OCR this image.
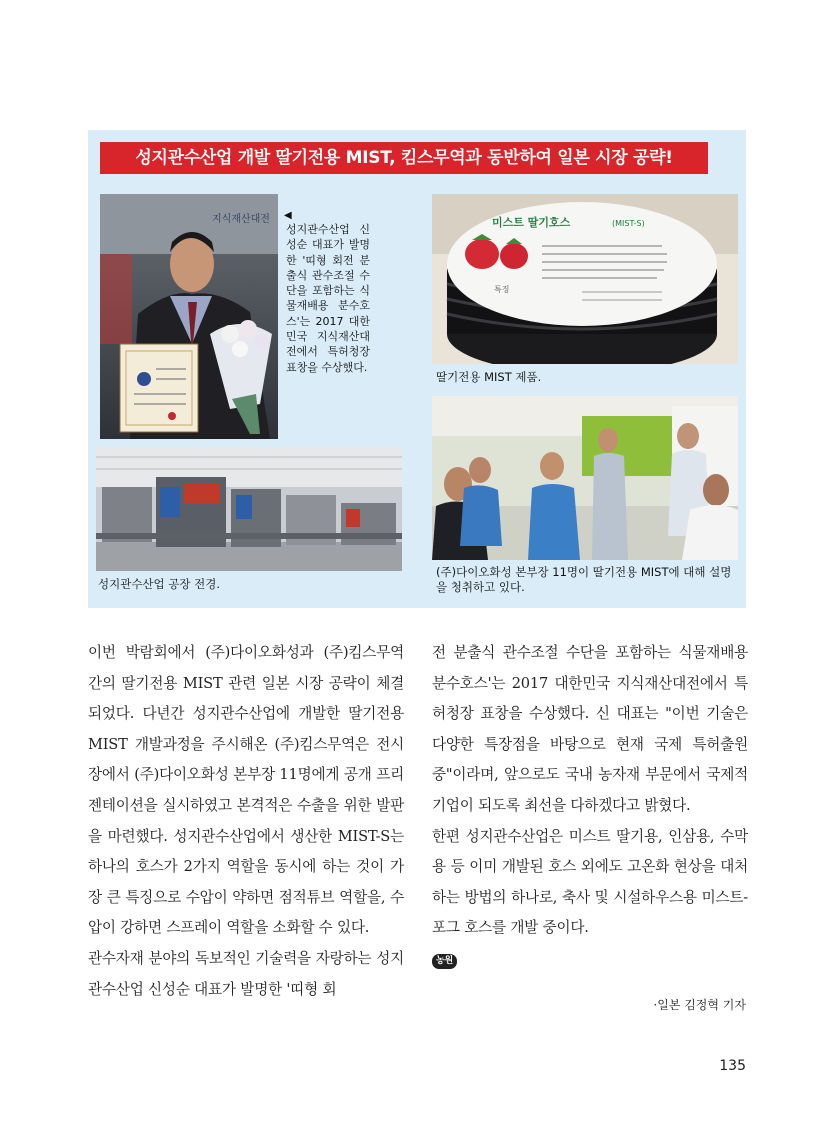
성지관수산업 개발 딸기전용 MIST, 킴스무역과 동반하여 일본 시장 공략!
지식재산대전 ◀
성지관수산업 신성순 대표가 발명한 '띠형 회전 분출식 관수조절 수단을 포함하는 식물재배용 분수호스'는 2017 대한민국 지식재산대전에서 특허청장 표창을 수상했다.
미스트 딸기호스	(MIST-S)
특징
딸기전용 MIST 제품.
성지관수산업 공장 전경.
(주)다이오화성 본부장 11명이 딸기전용 MIST에 대해 설명을 청취하고 있다.

이번 박람회에서 (주)다이오화성과 (주)킴스무역 간의 딸기전용 MIST 관련 일본 시장 공략이 체결되었다. 다년간 성지관수산업에 개발한 딸기전용 MIST 개발과정을 주시해온 (주)킴스무역은 전시장에서 (주)다이오화성 본부장 11명에게 공개 프리젠테이션을 실시하였고 본격적은 수출을 위한 발판을 마련했다. 성지관수산업에서 생산한 MIST-S는 하나의 호스가 2가지 역할을 동시에 하는 것이 가장 큰 특징으로 수압이 약하면 점적튜브 역할을, 수압이 강하면 스프레이 역할을 소화할 수 있다.

관수자재 분야의 독보적인 기술력을 자랑하는 성지관수산업 신성순 대표가 발명한 '띠형 회

전 분출식 관수조절 수단을 포함하는 식물재배용 분수호스'는 2017 대한민국 지식재산대전에서 특허청장 표창을 수상했다. 신 대표는 "이번 기술은 다양한 특장점을 바탕으로 현재 국제 특허출원 중"이라며, 앞으로도 국내 농자재 부문에서 국제적 기업이 되도록 최선을 다하겠다고 밝혔다.

한편 성지관수산업은 미스트 딸기용, 인삼용, 수막용 등 이미 개발된 호스 외에도 고온화 현상을 대처하는 방법의 하나로, 축사 및 시설하우스용 미스트-포그 호스를 개발 중이다.

농원
·일본 김정혁 기자
135
